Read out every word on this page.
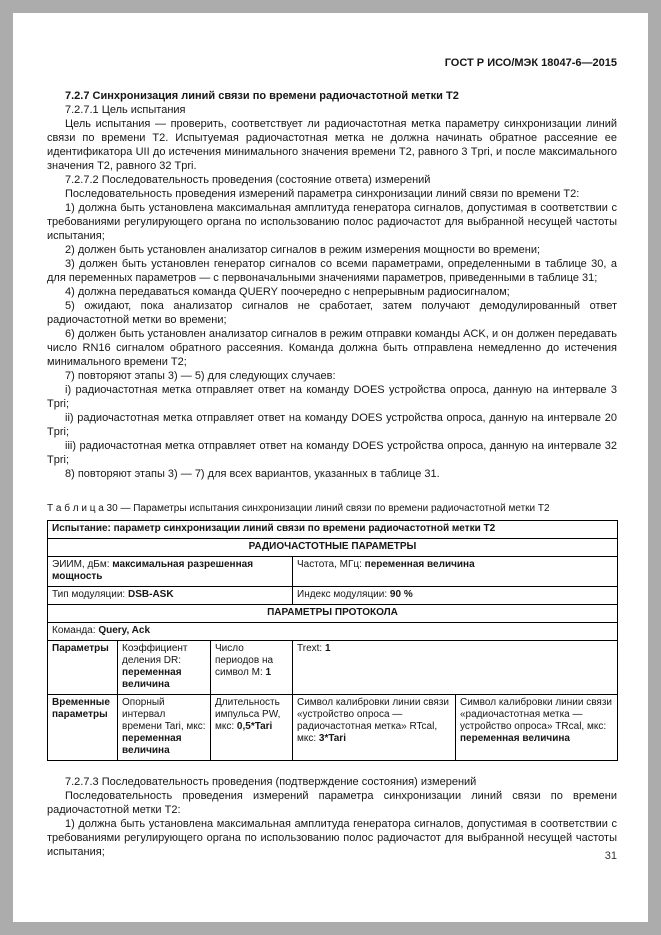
ГОСТ Р ИСО/МЭК 18047-6—2015

7.2.7 Синхронизация линий связи по времени радиочастотной метки Т2

7.2.7.1 Цель испытания

Цель испытания — проверить, соответствует ли радиочастотная метка параметру синхронизации линий связи по времени Т2. Испытуемая радиочастотная метка не должна начинать обратное рассеяние ее идентификатора UII до истечения минимального значения времени Т2, равного 3 Tpri, и после максимального значения Т2, равного 32 Tpri.

7.2.7.2 Последовательность проведения (состояние ответа) измерений

Последовательность проведения измерений параметра синхронизации линий связи по времени Т2:

1) должна быть установлена максимальная амплитуда генератора сигналов, допустимая в соответствии с требованиями регулирующего органа по использованию полос радиочастот для выбранной несущей частоты испытания;

2) должен быть установлен анализатор сигналов в режим измерения мощности во времени;

3) должен быть установлен генератор сигналов со всеми параметрами, определенными в таблице 30, а для переменных параметров — с первоначальными значениями параметров, приведенными в таблице 31;

4) должна передаваться команда QUERY поочередно с непрерывным радиосигналом;

5) ожидают, пока анализатор сигналов не сработает, затем получают демодулированный ответ радиочастотной метки во времени;

6) должен быть установлен анализатор сигналов в режим отправки команды ACK, и он должен передавать число RN16 сигналом обратного рассеяния. Команда должна быть отправлена немедленно до истечения минимального времени Т2;

7) повторяют этапы 3) — 5) для следующих случаев:

i) радиочастотная метка отправляет ответ на команду DOES устройства опроса, данную на интервале 3 Tpri;

ii) радиочастотная метка отправляет ответ на команду DOES устройства опроса, данную на интервале 20 Tpri;

iii) радиочастотная метка отправляет ответ на команду DOES устройства опроса, данную на интервале 32 Tpri;

8) повторяют этапы 3) — 7) для всех вариантов, указанных в таблице 31.

Т а б л и ц а 30 — Параметры испытания синхронизации линий связи по времени радиочастотной метки Т2

Испытание: параметр синхронизации линий связи по времени радиочастотной метки Т2				
РАДИОЧАСТОТНЫЕ ПАРАМЕТРЫ				
ЭИИМ, дБм: максимальная разрешенная мощность			Частота, МГц: переменная величина	
Тип модуляции: DSB-ASK			Индекс модуляции: 90 %	
ПАРАМЕТРЫ ПРОТОКОЛА				
Команда: Query, Ack				
Параметры	Коэффициент деления DR: переменная величина	Число периодов на символ М: 1	Trext: 1	
Временные параметры	Опорный интервал времени Tari, мкс: переменная величина	Длительность импульса PW, мкс: 0,5*Tari	Символ калибровки линии связи «устройство опроса — радиочастотная метка» RTcal, мкс: 3*Tari	Символ калибровки линии связи «радиочастотная метка — устройство опроса» TRcal, мкс: переменная величина

7.2.7.3 Последовательность проведения (подтверждение состояния) измерений

Последовательность проведения измерений параметра синхронизации линий связи по времени радиочастотной метки Т2:

1) должна быть установлена максимальная амплитуда генератора сигналов, допустимая в соответствии с требованиями регулирующего органа по использованию полос радиочастот для выбранной несущей частоты испытания;	31
